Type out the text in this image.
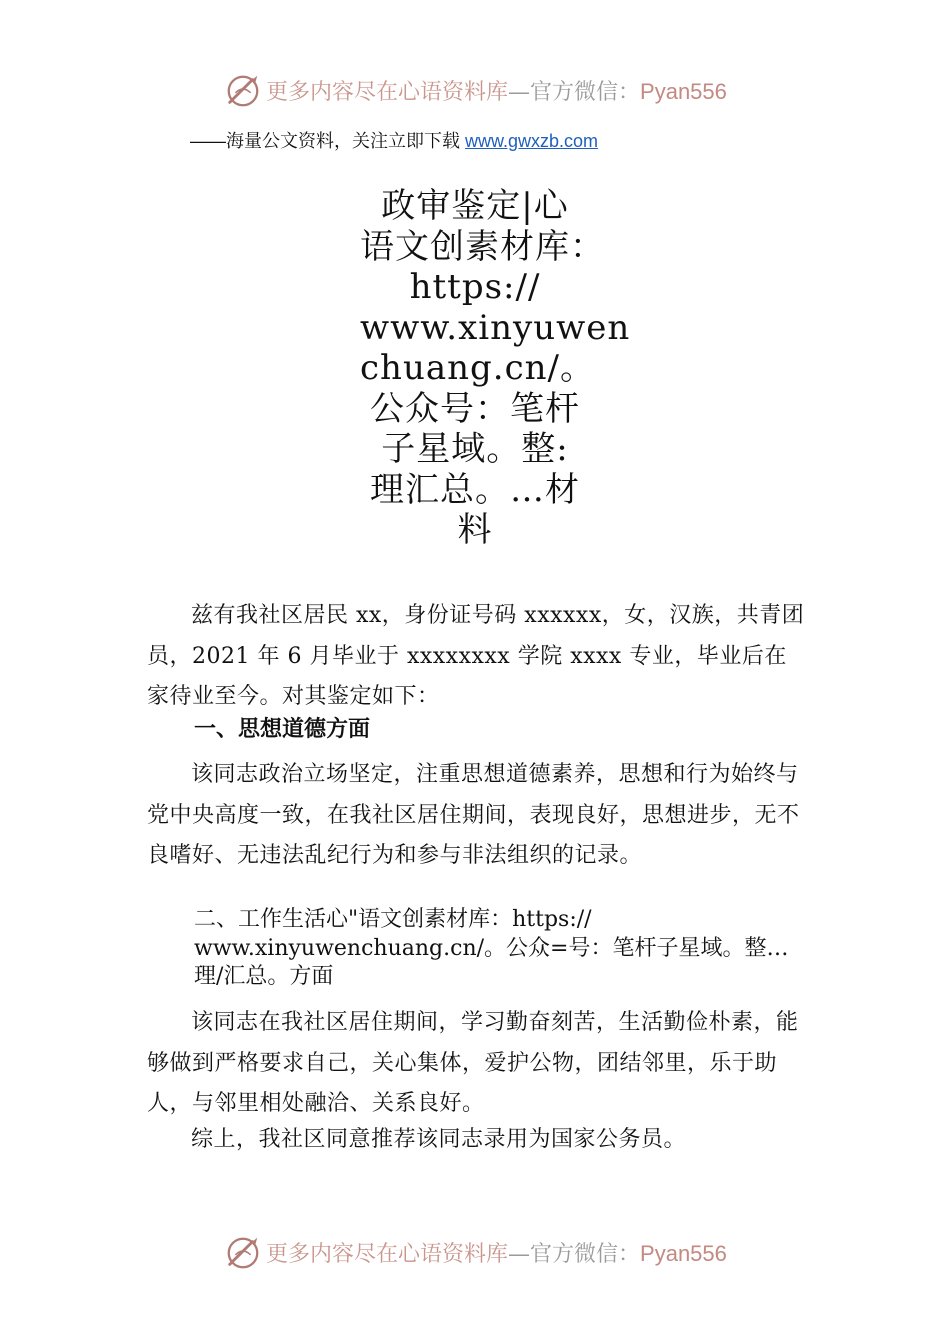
更多内容尽在心语资料库—官方微信：Pyan556
——海量公文资料，关注立即下载 www.gwxzb.com
政审鉴定|心
语文创素材库：
https://
www.xinyuwen
chuang.cn/。
公众号：笔杆
子星域。整:
理汇总。…材
料

兹有我社区居民 xx，身份证号码 xxxxxx，女，汉族，共青团员，2021 年 6 月毕业于 xxxxxxxx 学院 xxxx 专业，毕业后在家待业至今。对其鉴定如下：

一、思想道德方面

该同志政治立场坚定，注重思想道德素养，思想和行为始终与党中央高度一致，在我社区居住期间，表现良好，思想进步，无不良嗜好、无违法乱纪行为和参与非法组织的记录。

二、工作生活心"语文创素材库：https:// www.xinyuwenchuang.cn/。公众=号：笔杆子星域。整…理/汇总。方面

该同志在我社区居住期间，学习勤奋刻苦，生活勤俭朴素，能够做到严格要求自己，关心集体，爱护公物，团结邻里，乐于助人，与邻里相处融洽、关系良好。

综上，我社区同意推荐该同志录用为国家公务员。

更多内容尽在心语资料库—官方微信：Pyan556
